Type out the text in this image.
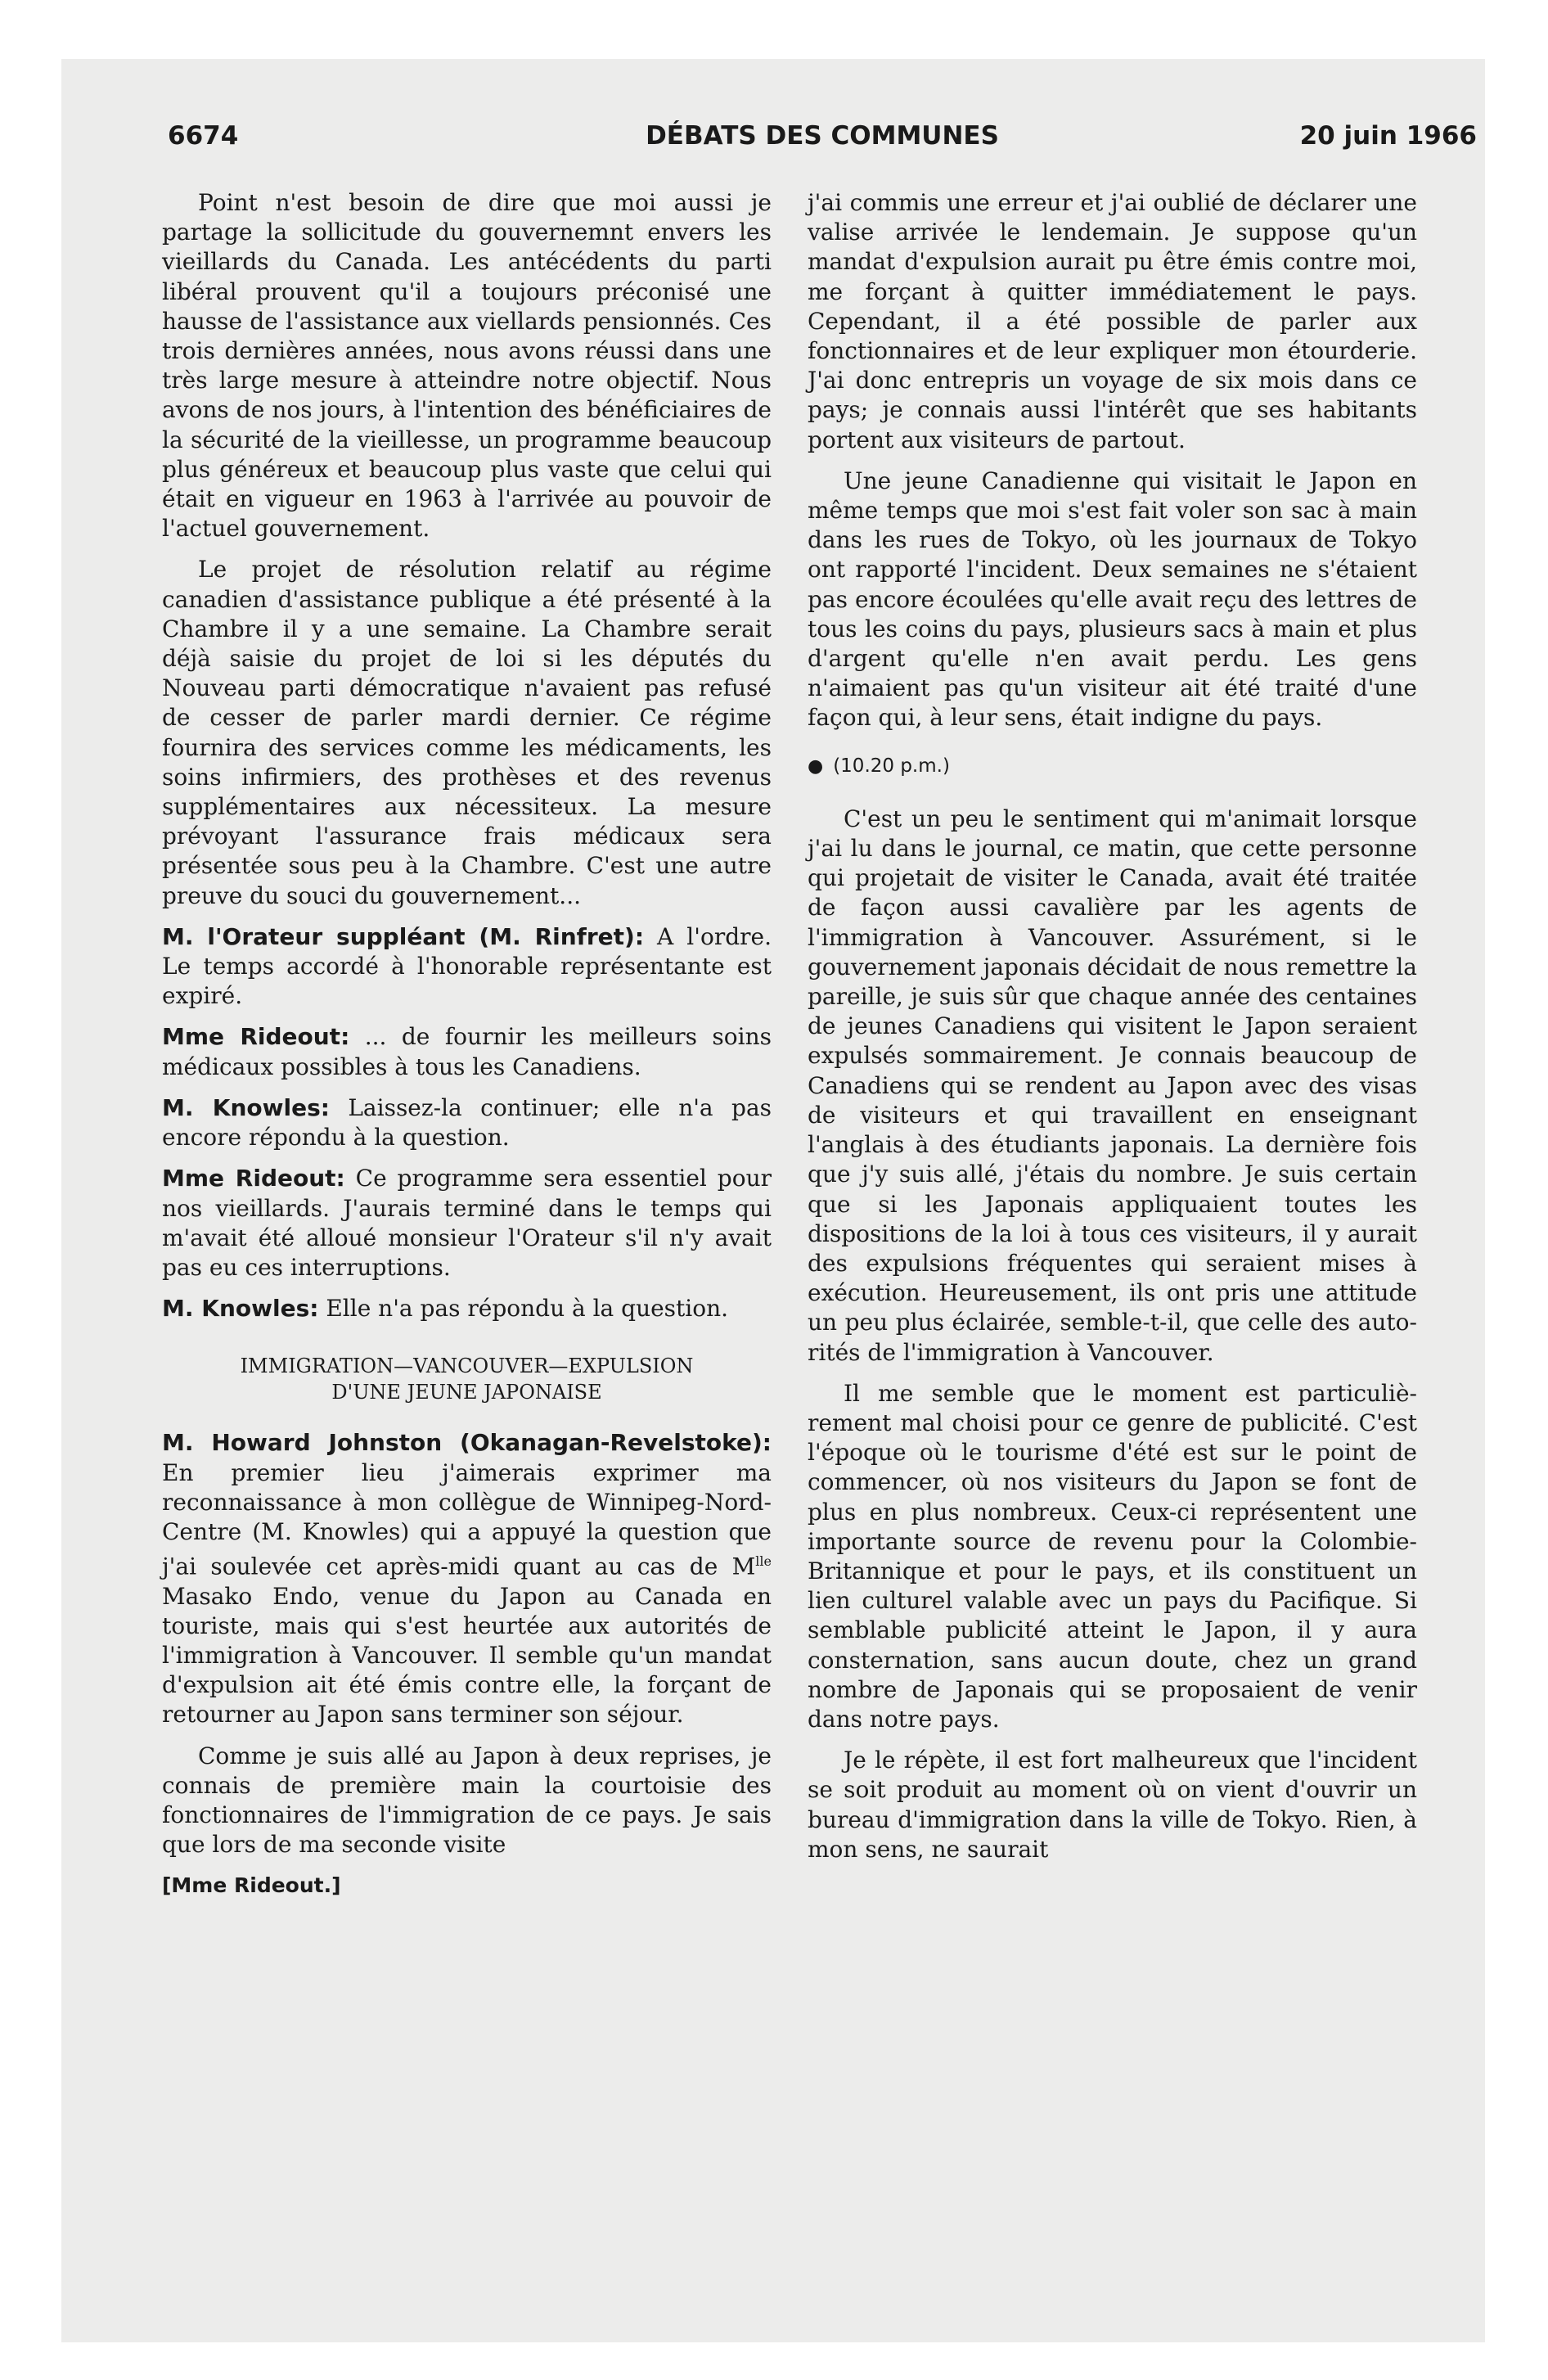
6674	DÉBATS DES COMMUNES	20 juin 1966

Point n'est besoin de dire que moi aussi je partage la sollicitude du gouvernemnt envers les vieillards du Canada. Les antécédents du parti libéral prouvent qu'il a toujours préconisé une hausse de l'assistance aux viellards pensionnés. Ces trois dernières années, nous avons réussi dans une très large mesure à atteindre notre objectif. Nous avons de nos jours, à l'intention des bénéficiaires de la sécurité de la vieillesse, un programme beaucoup plus généreux et beaucoup plus vaste que celui qui était en vigueur en 1963 à l'arrivée au pouvoir de l'actuel gouvernement.

Le projet de résolution relatif au régime canadien d'assistance publique a été présenté à la Chambre il y a une semaine. La Chambre serait déjà saisie du projet de loi si les députés du Nouveau parti démocratique n'avaient pas refusé de cesser de parler mardi dernier. Ce régime fournira des services comme les médicaments, les soins infirmiers, des prothèses et des revenus supplémentaires aux nécessiteux. La mesure prévoyant l'assurance frais médicaux sera présentée sous peu à la Chambre. C'est une autre preuve du souci du gouvernement...

M. l'Orateur suppléant (M. Rinfret): A l'ordre. Le temps accordé à l'honorable représentante est expiré.

Mme Rideout: ... de fournir les meilleurs soins médicaux possibles à tous les Canadiens.

M. Knowles: Laissez-la continuer; elle n'a pas encore répondu à la question.

Mme Rideout: Ce programme sera essentiel pour nos vieillards. J'aurais terminé dans le temps qui m'avait été alloué monsieur l'Orateur s'il n'y avait pas eu ces interruptions.

M. Knowles: Elle n'a pas répondu à la question.

IMMIGRATION—VANCOUVER—EXPULSION
D'UNE JEUNE JAPONAISE

M. Howard Johnston (Okanagan-Revelstoke): En premier lieu j'aimerais exprimer ma reconnaissance à mon collègue de Winnipeg-Nord-Centre (M. Knowles) qui a appuyé la question que j'ai soulevée cet après-midi quant au cas de $M^{lle}$ Masako Endo, venue du Japon au Canada en touriste, mais qui s'est heurtée aux autorités de l'immigration à Vancouver. Il semble qu'un mandat d'expulsion ait été émis contre elle, la forçant de retourner au Japon sans terminer son séjour.

Comme je suis allé au Japon à deux reprises, je connais de première main la courtoisie des fonctionnaires de l'immigration de ce pays. Je sais que lors de ma seconde visite

[Mme Rideout.]

j'ai commis une erreur et j'ai oublié de déclarer une valise arrivée le lendemain. Je suppose qu'un mandat d'expulsion aurait pu être émis contre moi, me forçant à quitter immédiatement le pays. Cependant, il a été possible de parler aux fonctionnaires et de leur expliquer mon étourderie. J'ai donc entrepris un voyage de six mois dans ce pays; je connais aussi l'intérêt que ses habitants portent aux visiteurs de partout.

Une jeune Canadienne qui visitait le Japon en même temps que moi s'est fait voler son sac à main dans les rues de Tokyo, où les journaux de Tokyo ont rapporté l'incident. Deux semaines ne s'étaient pas encore écoulées qu'elle avait reçu des lettres de tous les coins du pays, plusieurs sacs à main et plus d'argent qu'elle n'en avait perdu. Les gens n'aimaient pas qu'un visiteur ait été traité d'une façon qui, à leur sens, était indigne du pays.

● (10.20 p.m.)

C'est un peu le sentiment qui m'animait lorsque j'ai lu dans le journal, ce matin, que cette personne qui projetait de visiter le Canada, avait été traitée de façon aussi cavalière par les agents de l'immigration à Vancouver. Assurément, si le gouvernement japonais décidait de nous remettre la pareille, je suis sûr que chaque année des centaines de jeunes Canadiens qui visitent le Japon seraient expulsés sommairement. Je connais beaucoup de Canadiens qui se rendent au Japon avec des visas de visiteurs et qui travaillent en enseignant l'anglais à des étudiants japonais. La dernière fois que j'y suis allé, j'étais du nombre. Je suis certain que si les Japonais appliquaient toutes les dispositions de la loi à tous ces visiteurs, il y aurait des expulsions fréquentes qui seraient mises à exécution. Heureusement, ils ont pris une attitude un peu plus éclairée, semble-t-il, que celle des autorités de l'immigration à Vancouver.

Il me semble que le moment est particulièrement mal choisi pour ce genre de publicité. C'est l'époque où le tourisme d'été est sur le point de commencer, où nos visiteurs du Japon se font de plus en plus nombreux. Ceux-ci représentent une importante source de revenu pour la Colombie-Britannique et pour le pays, et ils constituent un lien culturel valable avec un pays du Pacifique. Si semblable publicité atteint le Japon, il y aura consternation, sans aucun doute, chez un grand nombre de Japonais qui se proposaient de venir dans notre pays.

Je le répète, il est fort malheureux que l'incident se soit produit au moment où on vient d'ouvrir un bureau d'immigration dans la ville de Tokyo. Rien, à mon sens, ne saurait
